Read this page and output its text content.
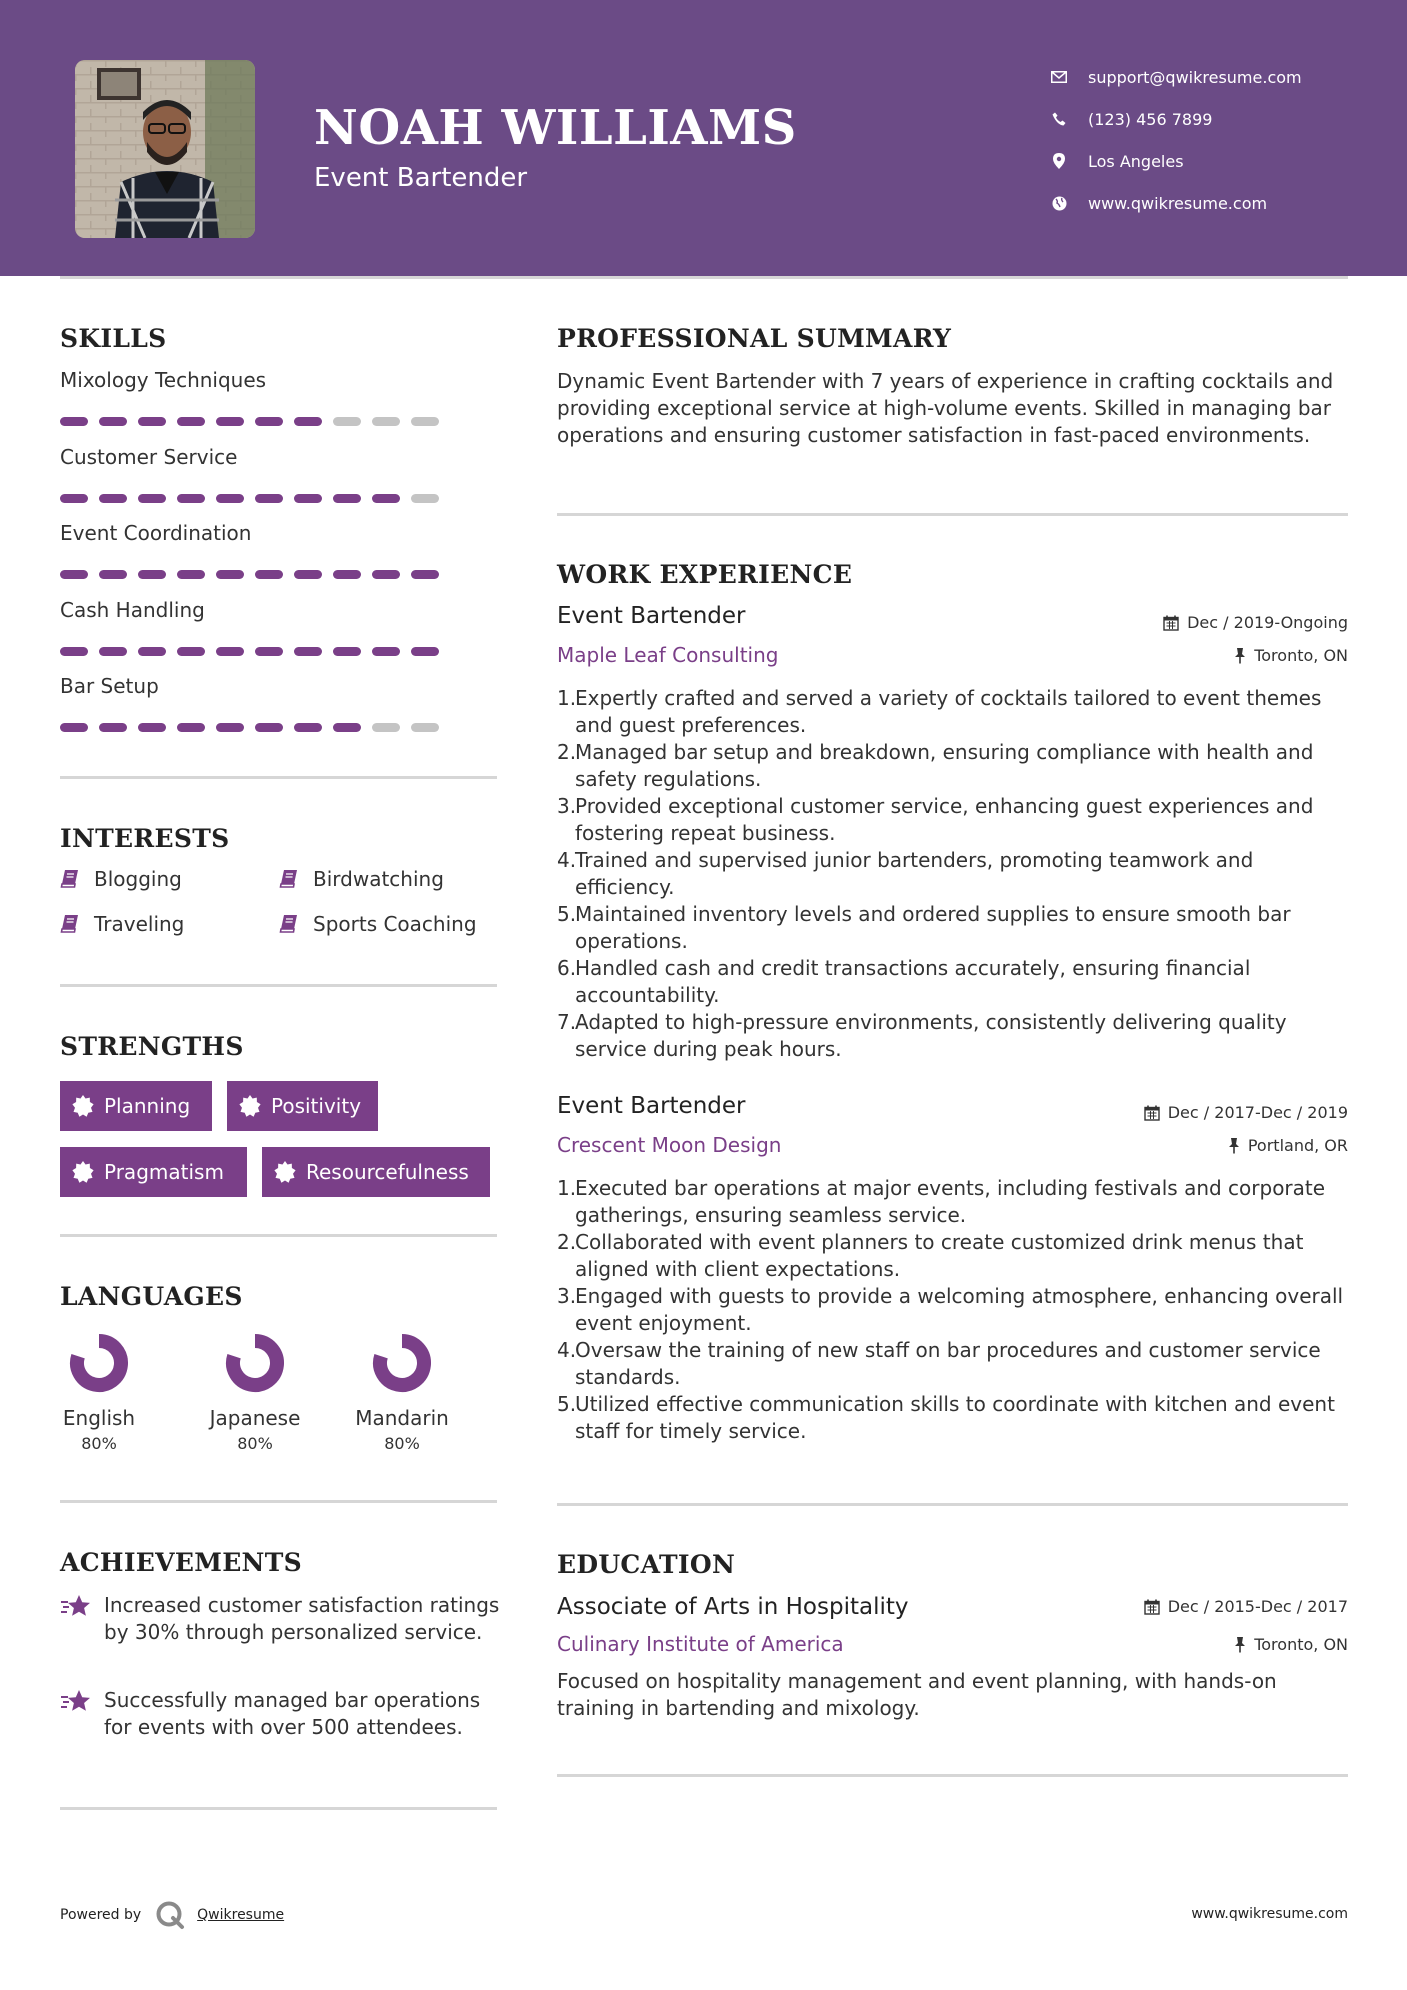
NOAH WILLIAMS
Event Bartender
support@qwikresume.com
(123) 456 7899
Los Angeles
www.qwikresume.com
SKILLS
Mixology Techniques
Customer Service
Event Coordination
Cash Handling
Bar Setup
INTERESTS
Blogging	Birdwatching
Traveling	Sports Coaching
STRENGTHS
Planning	Positivity
Pragmatism	Resourcefulness
LANGUAGES
English
80%
Japanese
80%
Mandarin
80%
ACHIEVEMENTS
Increased customer satisfaction ratings by 30% through personalized service.
Successfully managed bar operations for events with over 500 attendees.
PROFESSIONAL SUMMARY
Dynamic Event Bartender with 7 years of experience in crafting cocktails and providing exceptional service at high-volume events. Skilled in managing bar operations and ensuring customer satisfaction in fast-paced environments.
WORK EXPERIENCE
Event Bartender	Dec / 2019-Ongoing
Maple Leaf Consulting	Toronto, ON
1.
Expertly crafted and served a variety of cocktails tailored to event themes and guest preferences.
2.
Managed bar setup and breakdown, ensuring compliance with health and safety regulations.
3.
Provided exceptional customer service, enhancing guest experiences and fostering repeat business.
4.
Trained and supervised junior bartenders, promoting teamwork and efficiency.
5.
Maintained inventory levels and ordered supplies to ensure smooth bar operations.
6.
Handled cash and credit transactions accurately, ensuring financial accountability.
7.
Adapted to high-pressure environments, consistently delivering quality service during peak hours.
Event Bartender	Dec / 2017-Dec / 2019
Crescent Moon Design	Portland, OR
1.
Executed bar operations at major events, including festivals and corporate gatherings, ensuring seamless service.
2.
Collaborated with event planners to create customized drink menus that aligned with client expectations.
3.
Engaged with guests to provide a welcoming atmosphere, enhancing overall event enjoyment.
4.
Oversaw the training of new staff on bar procedures and customer service standards.
5.
Utilized effective communication skills to coordinate with kitchen and event staff for timely service.
EDUCATION
Associate of Arts in Hospitality	Dec / 2015-Dec / 2017
Culinary Institute of America	Toronto, ON
Focused on hospitality management and event planning, with hands-on training in bartending and mixology.
Powered by	Qwikresume	www.qwikresume.com
